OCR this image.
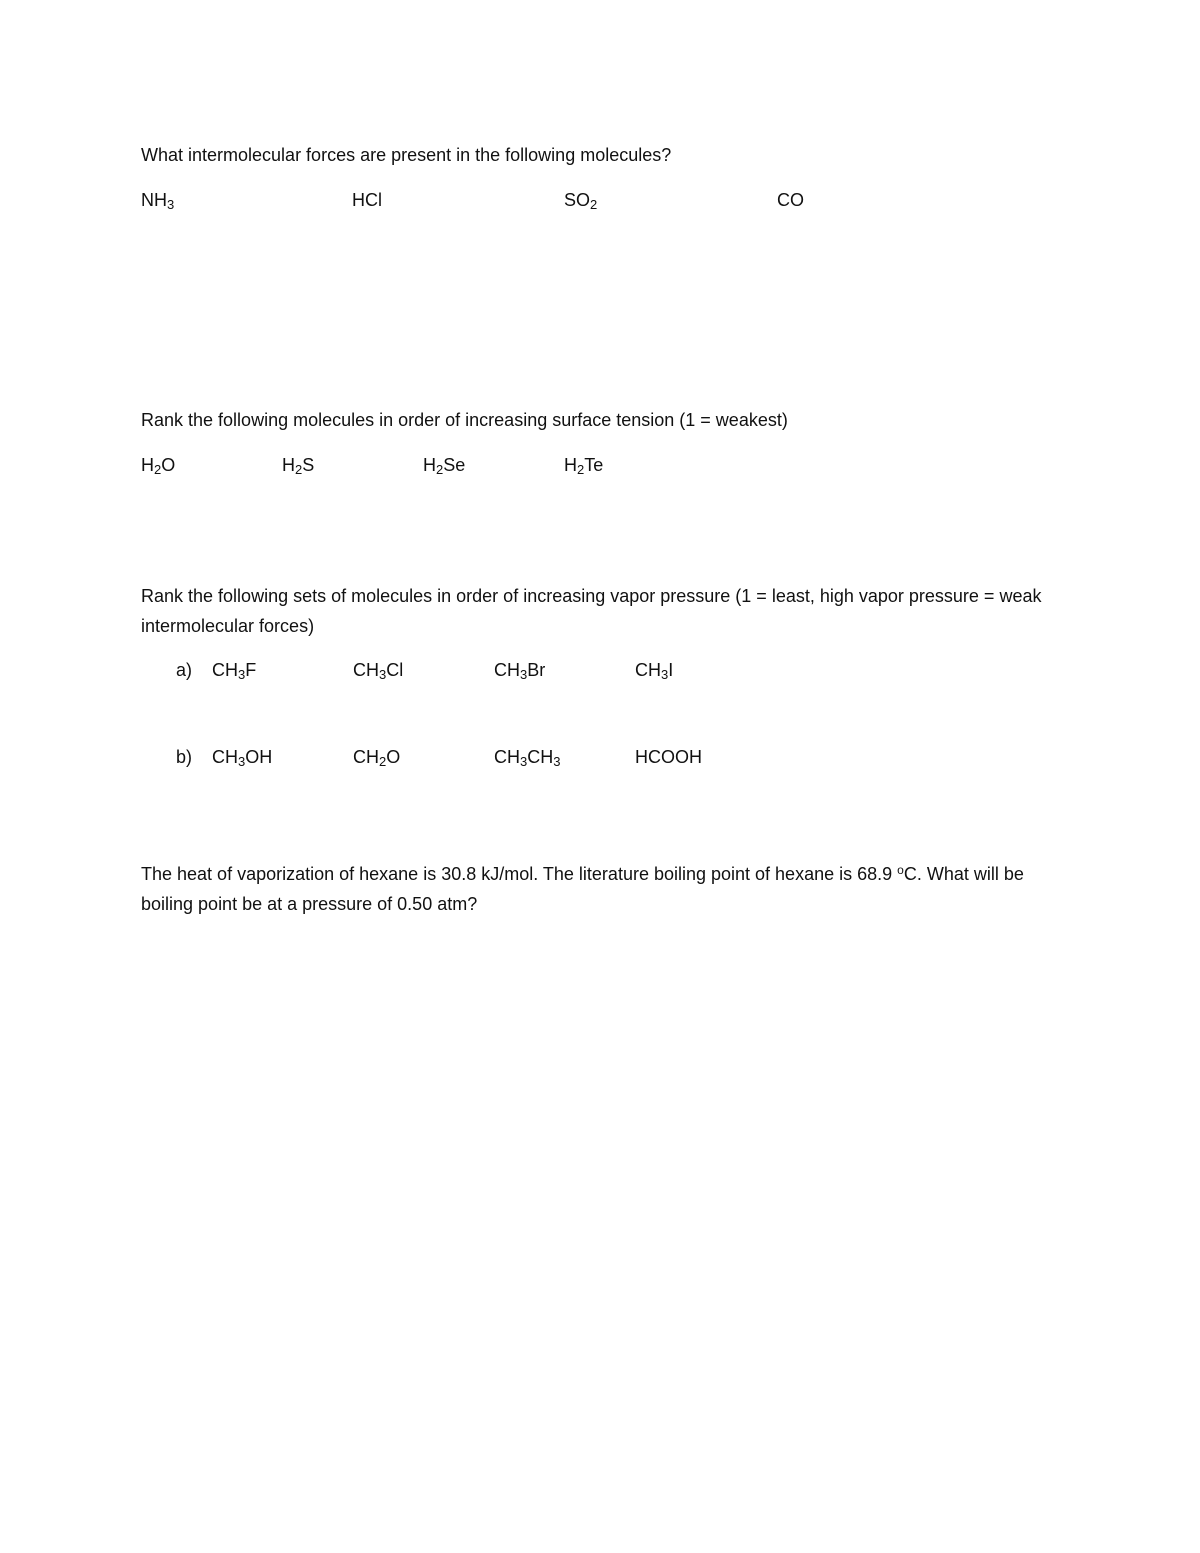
What intermolecular forces are present in the following molecules?
$NH_3$	HCl	$SO_2$	CO
Rank the following molecules in order of increasing surface tension (1 = weakest)
$H_2O$	$H_2S$	$H_2Se$	$H_2Te$
Rank the following sets of molecules in order of increasing vapor pressure (1 = least, high vapor pressure = weak intermolecular forces)
a) $CH_3F$	$CH_3Cl$	$CH_3Br$	$CH_3I$
b) $CH_3OH$	$CH_2O$	$CH_3CH_3$	HCOOH
The heat of vaporization of hexane is 30.8 kJ/mol. The literature boiling point of hexane is 68.9 $^o$C. What will be boiling point be at a pressure of 0.50 atm?
